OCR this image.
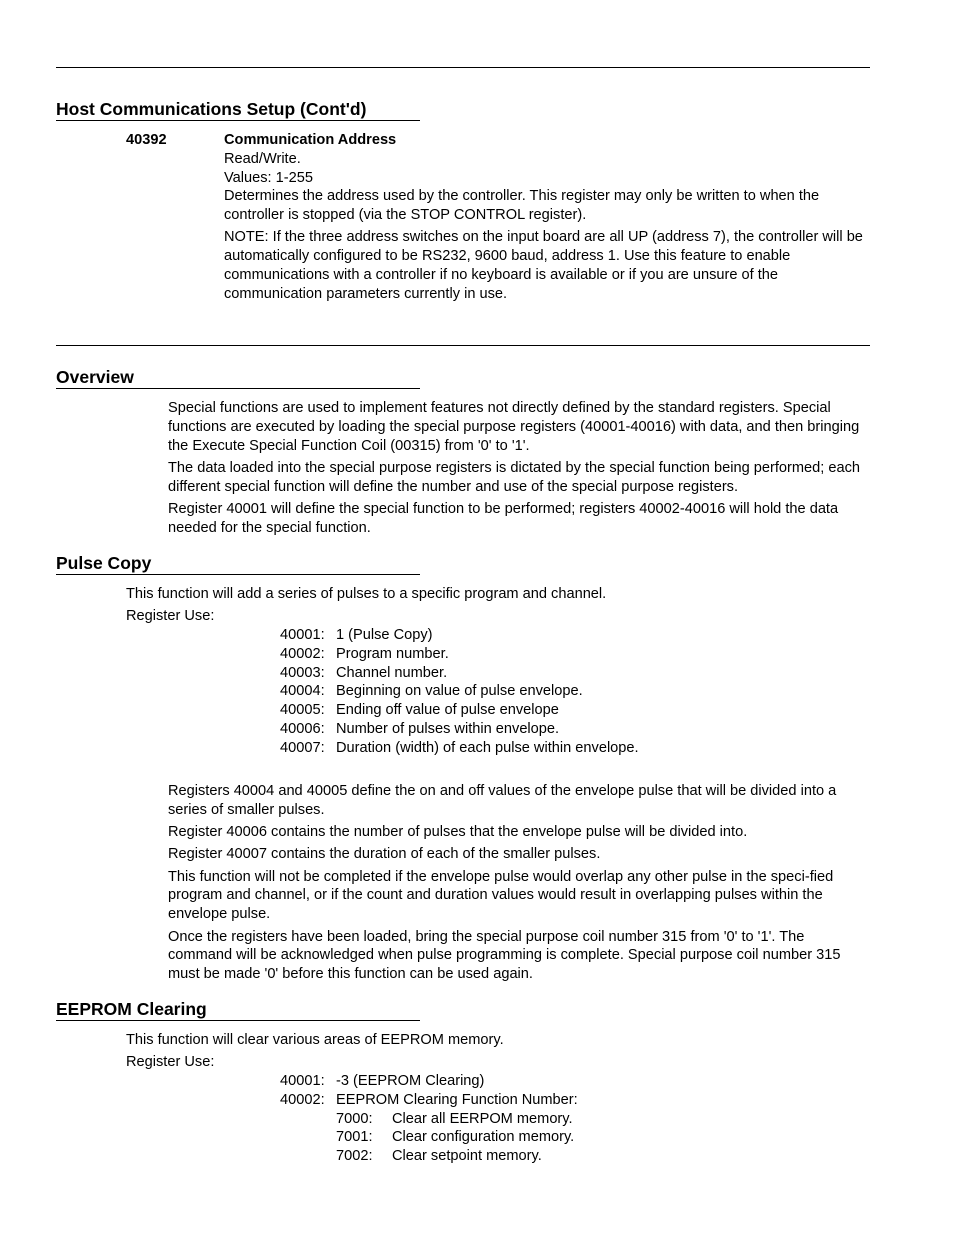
Host Communications Setup (Cont'd)
40392	Communication Address
Read/Write.
Values: 1-255

Determines the address used by the controller. This register may only be written to when the controller is stopped (via the STOP CONTROL register).

NOTE: If the three address switches on the input board are all UP (address 7), the controller will be automatically configured to be RS232, 9600 baud, address 1. Use this feature to enable communications with a controller if no keyboard is available or if you are unsure of the communication parameters currently in use.

Overview

Special functions are used to implement features not directly defined by the standard registers. Special functions are executed by loading the special purpose registers (40001-40016) with data, and then bringing the Execute Special Function Coil (00315) from '0' to '1'.

The data loaded into the special purpose registers is dictated by the special function being performed; each different special function will define the number and use of the special purpose registers.

Register 40001 will define the special function to be performed; registers 40002-40016 will hold the data needed for the special function.

Pulse Copy

This function will add a series of pulses to a specific program and channel.

Register Use:
40001: 1 (Pulse Copy)
40002: Program number.
40003: Channel number.
40004: Beginning on value of pulse envelope.
40005: Ending off value of pulse envelope
40006: Number of pulses within envelope.
40007: Duration (width) of each pulse within envelope.

Registers 40004 and 40005 define the on and off values of the envelope pulse that will be divided into a series of smaller pulses.

Register 40006 contains the number of pulses that the envelope pulse will be divided into.

Register 40007 contains the duration of each of the smaller pulses.

This function will not be completed if the envelope pulse would overlap any other pulse in the speci-fied program and channel, or if the count and duration values would result in overlapping pulses within the envelope pulse.

Once the registers have been loaded, bring the special purpose coil number 315 from '0' to '1'. The command will be acknowledged when pulse programming is complete. Special purpose coil number 315 must be made '0' before this function can be used again.

EEPROM Clearing

This function will clear various areas of EEPROM memory.

Register Use:
40001: -3 (EEPROM Clearing)
40002: EEPROM Clearing Function Number:
7000:	Clear all EERPOM memory.
7001:	Clear configuration memory.
7002:	Clear setpoint memory.
